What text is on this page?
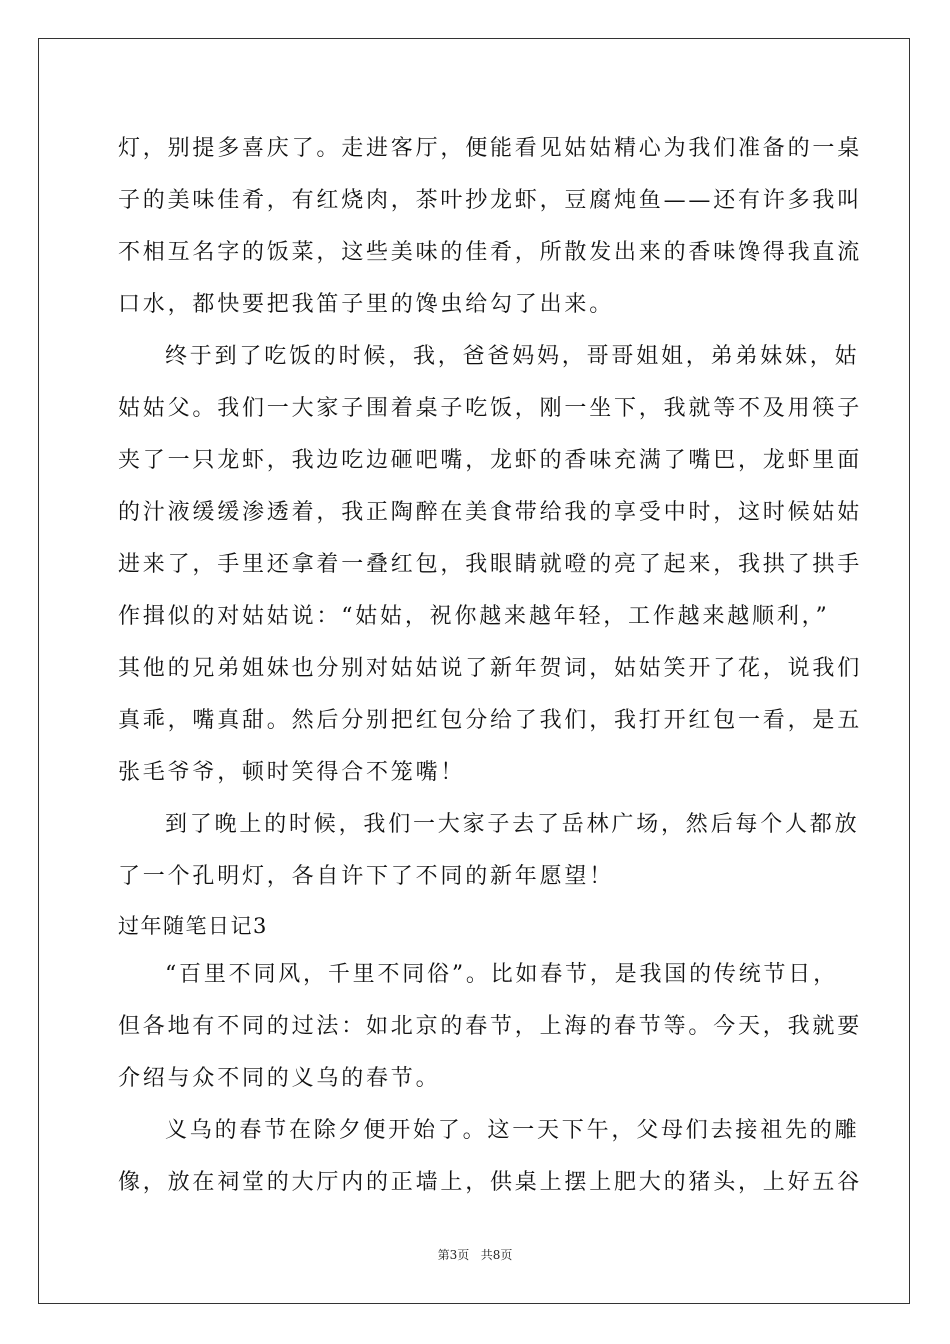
灯，别提多喜庆了。走进客厅，便能看见姑姑精心为我们准备的一桌
子的美味佳肴，有红烧肉，茶叶抄龙虾，豆腐炖鱼——还有许多我叫
不相互名字的饭菜，这些美味的佳肴，所散发出来的香味馋得我直流
口水，都快要把我笛子里的馋虫给勾了出来。
终于到了吃饭的时候，我，爸爸妈妈，哥哥姐姐，弟弟妹妹，姑
姑姑父。我们一大家子围着桌子吃饭，刚一坐下，我就等不及用筷子
夹了一只龙虾，我边吃边砸吧嘴，龙虾的香味充满了嘴巴，龙虾里面
的汁液缓缓渗透着，我正陶醉在美食带给我的享受中时，这时候姑姑
进来了，手里还拿着一叠红包，我眼睛就噔的亮了起来，我拱了拱手
作揖似的对姑姑说：“姑姑，祝你越来越年轻，工作越来越顺利，”
其他的兄弟姐妹也分别对姑姑说了新年贺词，姑姑笑开了花，说我们
真乖，嘴真甜。然后分别把红包分给了我们，我打开红包一看，是五
张毛爷爷，顿时笑得合不笼嘴！
到了晚上的时候，我们一大家子去了岳林广场，然后每个人都放
了一个孔明灯，各自许下了不同的新年愿望！
过年随笔日记3
“百里不同风，千里不同俗”。比如春节，是我国的传统节日，
但各地有不同的过法：如北京的春节，上海的春节等。今天，我就要
介绍与众不同的义乌的春节。
义乌的春节在除夕便开始了。这一天下午，父母们去接祖先的雕
像，放在祠堂的大厅内的正墙上，供桌上摆上肥大的猪头，上好五谷
第3页 共8页
